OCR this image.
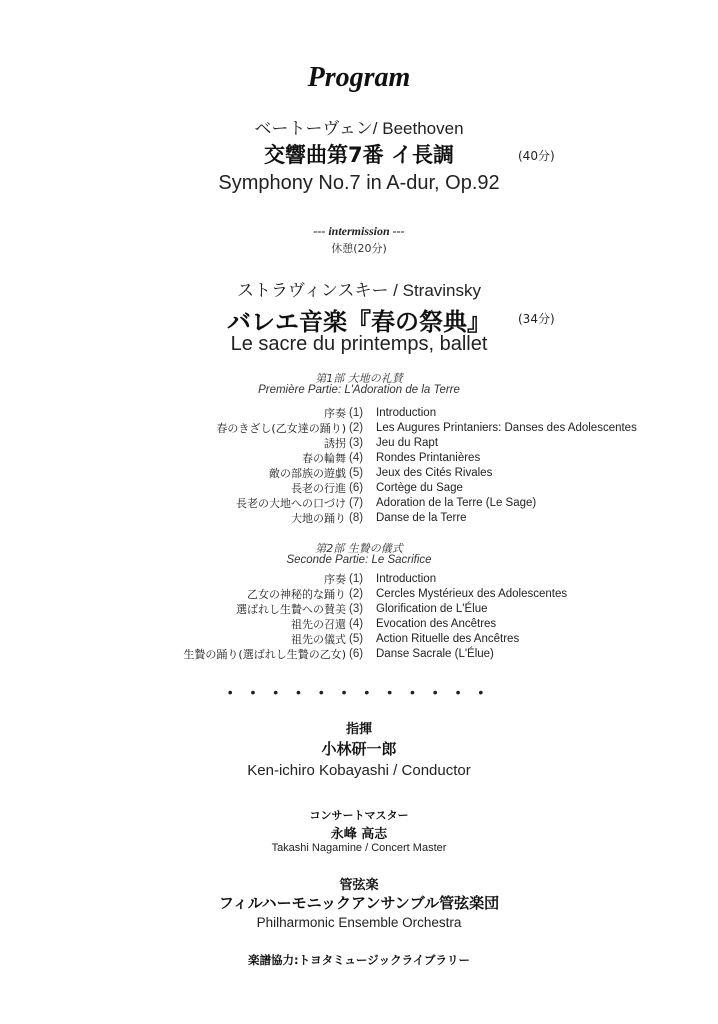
Program
ベートーヴェン/ Beethoven
交響曲第7番 イ長調	(40分)
Symphony No.7 in A-dur, Op.92
--- intermission ---
休憩(20分)
ストラヴィンスキー / Stravinsky
バレエ音楽『春の祭典』	(34分)
Le sacre du printemps, ballet
第1部 大地の礼賛
Première Partie: L'Adoration de la Terre
序奏 (1)	Introduction
春のきざし(乙女達の踊り) (2)	Les Augures Printaniers: Danses des Adolescentes
誘拐 (3)	Jeu du Rapt
春の輪舞 (4)	Rondes Printanières
敵の部族の遊戯 (5)	Jeux des Cités Rivales
長老の行進 (6)	Cortège du Sage
長老の大地への口づけ (7)	Adoration de la Terre (Le Sage)
大地の踊り (8)	Danse de la Terre
第2部 生贄の儀式
Seconde Partie: Le Sacrifice
序奏 (1)	Introduction
乙女の神秘的な踊り (2)	Cercles Mystérieux des Adolescentes
選ばれし生贄への賛美 (3)	Glorification de L'Élue
祖先の召還 (4)	Evocation des Ancêtres
祖先の儀式 (5)	Action Rituelle des Ancêtres
生贄の踊り(選ばれし生贄の乙女) (6)	Danse Sacrale (L'Élue)
• • • • • • • • • • • •
指揮
小林研一郎
Ken-ichiro Kobayashi / Conductor
コンサートマスター
永峰 高志
Takashi Nagamine / Concert Master
管弦楽
フィルハーモニックアンサンブル管弦楽団
Philharmonic Ensemble Orchestra
楽譜協力:トヨタミュージックライブラリー
